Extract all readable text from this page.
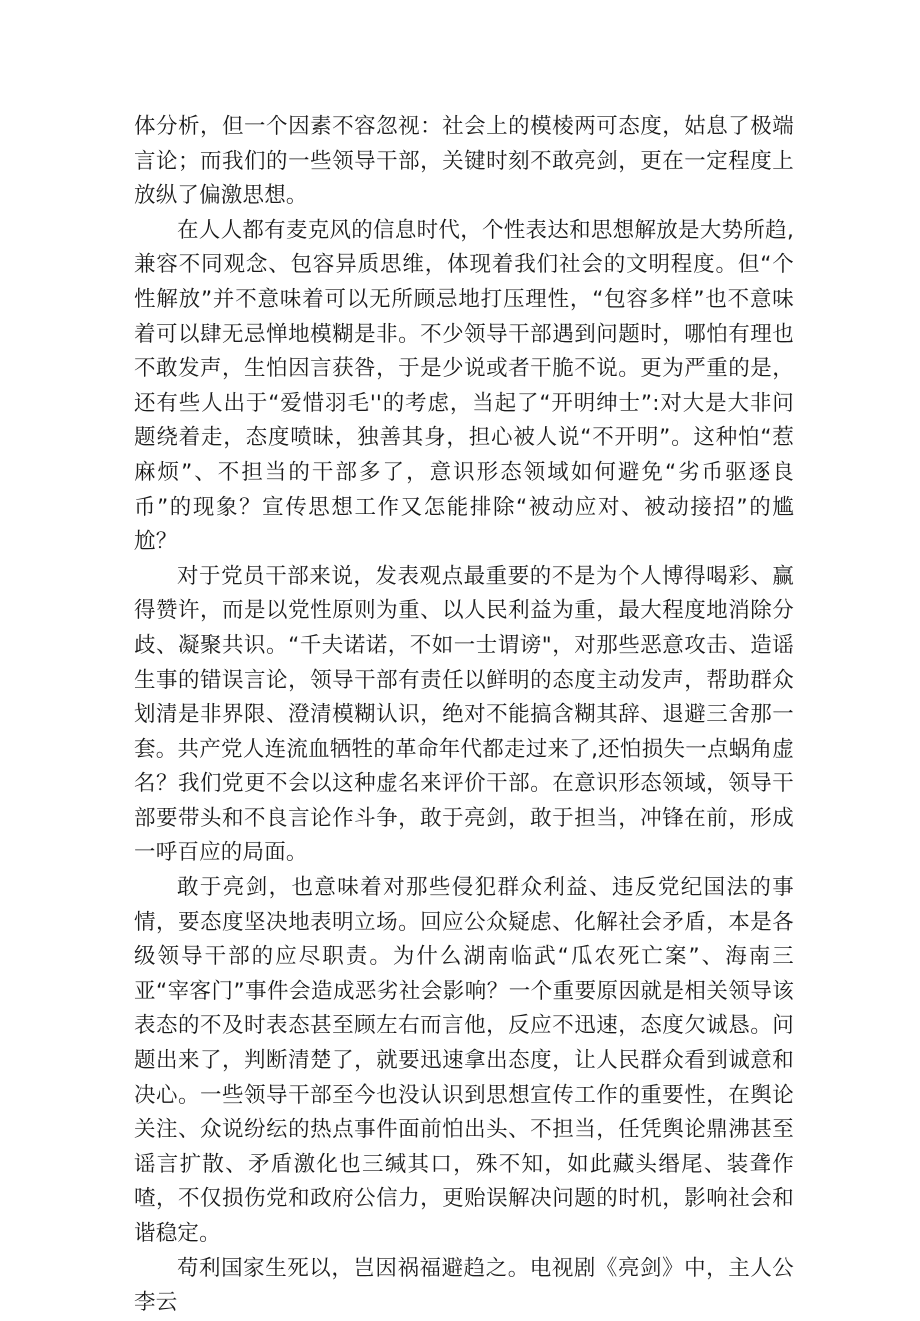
体分析，但一个因素不容忽视：社会上的模棱两可态度，姑息了极端言论；而我们的一些领导干部，关键时刻不敢亮剑，更在一定程度上放纵了偏激思想。

在人人都有麦克风的信息时代，个性表达和思想解放是大势所趋,兼容不同观念、包容异质思维，体现着我们社会的文明程度。但“个性解放”并不意味着可以无所顾忌地打压理性，“包容多样”也不意味着可以肆无忌惮地模糊是非。不少领导干部遇到问题时，哪怕有理也不敢发声，生怕因言获咎，于是少说或者干脆不说。更为严重的是，还有些人出于“爱惜羽毛''的考虑，当起了“开明绅士”:对大是大非问题绕着走，态度喷昧，独善其身，担心被人说“不开明”。这种怕“惹麻烦”、不担当的干部多了，意识形态领域如何避免“劣币驱逐良币”的现象？宣传思想工作又怎能排除“被动应对、被动接招”的尴尬？

对于党员干部来说，发表观点最重要的不是为个人博得喝彩、赢得赞许，而是以党性原则为重、以人民利益为重，最大程度地消除分歧、凝聚共识。“千夫诺诺，不如一士谓谤"，对那些恶意攻击、造谣生事的错误言论，领导干部有责任以鲜明的态度主动发声，帮助群众划清是非界限、澄清模糊认识，绝对不能搞含糊其辞、退避三舍那一套。共产党人连流血牺牲的革命年代都走过来了,还怕损失一点蜗角虚名？我们党更不会以这种虚名来评价干部。在意识形态领域，领导干部要带头和不良言论作斗争，敢于亮剑，敢于担当，冲锋在前，形成一呼百应的局面。

敢于亮剑，也意味着对那些侵犯群众利益、违反党纪国法的事情，要态度坚决地表明立场。回应公众疑虑、化解社会矛盾，本是各级领导干部的应尽职责。为什么湖南临武“瓜农死亡案”、海南三亚“宰客门”事件会造成恶劣社会影响？一个重要原因就是相关领导该表态的不及时表态甚至顾左右而言他，反应不迅速，态度欠诚恳。问题出来了，判断清楚了，就要迅速拿出态度，让人民群众看到诚意和决心。一些领导干部至今也没认识到思想宣传工作的重要性，在舆论关注、众说纷纭的热点事件面前怕出头、不担当，任凭舆论鼎沸甚至谣言扩散、矛盾激化也三缄其口，殊不知，如此藏头缗尾、装聋作喳，不仅损伤党和政府公信力，更贻误解决问题的时机，影响社会和谐稳定。

苟利国家生死以，岂因祸福避趋之。电视剧《亮剑》中，主人公李云
